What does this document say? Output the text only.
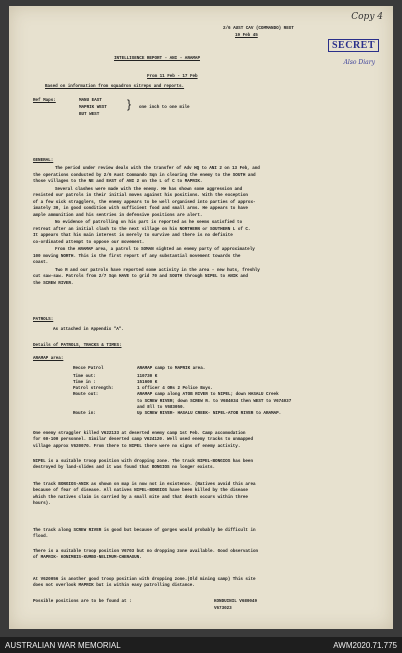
Copy 4
2/6 AUST CAV (COMMANDO) REGT
19 Feb 45
SECRET
Also Diary
INTELLIGENCE REPORT - ANI - ARAMAP
From 11 Feb - 17 Feb
Based on information from squadron sitreps and reports.
Ref Maps:	MANU EAST
MAPRIK WEST
BUT WEST
} one inch to one mile
GENERAL:
The period under review deals with the transfer of Adv HQ to ANI 2 on 13 Feb, and
the operations conducted by 2/6 Aust Commando Sqn in clearing the enemy to the SOUTH and
those villages to the NE and EAST of ANI 2 on the L of C to MAPRIK.
Several clashes were made with the enemy. He has shown some aggression and
resisted our patrols in their initial moves against his positions. With the exception
of a few sick stragglers, the enemy appears to be well organised into parties of approx-
imately 30, in good condition with sufficient food and small arms. He appears to have
ample ammunition and his sentries in defensive positions are alert.
No evidence of patrolling on his part is reported as he seems satisfied to
retreat after an initial clash to the next village on his NORTHERN or SOUTHERN L of C.
It appears that his main interest is merely to survive and there is no definite
co-ordinated attempt to oppose our movement.
From the ARAMAP area, a patrol to SOMAN sighted an enemy party of approximately
100 moving NORTH. This is the first report of any substantial movement towards the
coast.
Two R and our patrols have reported some activity in the area - new huts, freshly
cut saw-saw. Patrols from 2/7 Sqn HAVE to grid 70 and SOUTH through NIPEL to ANIK and
the SCREW RIVER.
PATROLS:
As attached in Appendix "A".
Details of PATROLS, TRACKS & TIMES:
ARAMAP area:
Recce Patrol	ARAMAP camp to MAPRIK area.
Time out:	110730 K
Time in :	151600 K
Patrol strength:	1 officer 4 ORs 2 Police Boys.
Route out:	ARAMAP camp along ATOB RIVER to NIPEL; down HASALU Creek
to SCREW RIVER; down SCREW R. to V684034 then WEST to V674037
and 8ll to V683050.
Route in:	Up SCREW RIVER- HASALU CREEK- NIPEL-ATOB RIVER to ARAMAP.
One enemy straggler killed V622133 at deserted enemy camp 1st Feb. Camp accomodation
for 60-100 personnel. Similar deserted camp V624120. Well used enemy tracks to unmapped
village approx V620070. From there to NIPEL there were no signs of enemy activity.
NIPEL is a suitable troop position with dropping zone. The track NIPEL-BONGIOS has been
destroyed by land-slides and it was found that BONGIOS no longer exists.
The track BONGIOS-ANIK as shown on map is now not in existence. (Natives avoid this area
because of fear of disease. All natives NIPEL-BONGIOS have been killed by the disease
which the natives claim is carried by a small mite and that death occurs within three
hours).
The track along SCREW RIVER is good but because of gorges would probably be difficult in
flood.
There is a suitable troop position V6703 but no dropping zone available. Good observation
of MAPRIK- KONIMBIS-KUMBO-NELIMUM-CHERAGUN.
At V620056 is another good troop position with dropping zone.(Old mining camp) This site
does not overlook MAPRIK but is within easy patrolling distance.
Possible positions are to be found at :	KONDUINIL V680049
V673023
AUSTRALIAN WAR MEMORIAL	AWM2020.71.775
